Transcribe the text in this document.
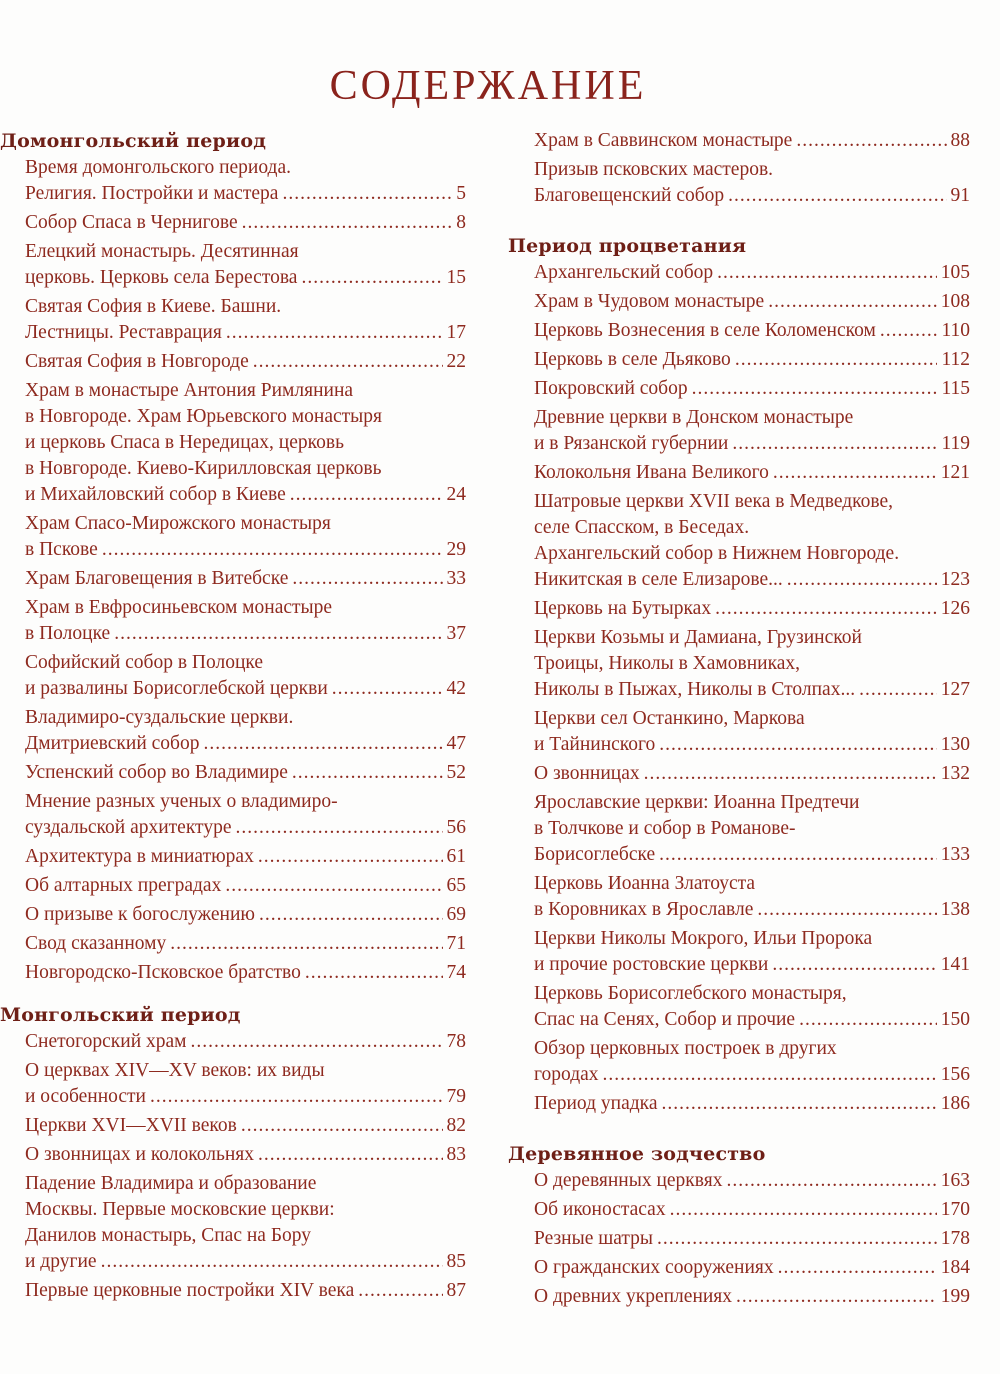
СОДЕРЖАНИЕ
Домонгольский период
Время домонгольского периода.
Религия. Постройки и мастера .....	5
Собор Спаса в Чернигове .....	8
Елецкий монастырь. Десятинная
церковь. Церковь села Берестова .....	15
Святая София в Киеве. Башни.
Лестницы. Реставрация .....	17
Святая София в Новгороде .....	22
Храм в монастыре Антония Римлянина
в Новгороде. Храм Юрьевского монастыря
и церковь Спаса в Нередицах, церковь
в Новгороде. Киево-Кирилловская церковь
и Михайловский собор в Киеве .....	24
Храм Спасо-Мирожского монастыря
в Пскове .....	29
Храм Благовещения в Витебске .....	33
Храм в Евфросиньевском монастыре
в Полоцке .....	37
Софийский собор в Полоцке
и развалины Борисоглебской церкви .....	42
Владимиро-суздальские церкви.
Дмитриевский собор .....	47
Успенский собор во Владимире .....	52
Мнение разных ученых о владимиро-
суздальской архитектуре .....	56
Архитектура в миниатюрах .....	61
Об алтарных преградах .....	65
О призыве к богослужению .....	69
Свод сказанному .....	71
Новгородско-Псковское братство .....	74
Монгольский период
Снетогорский храм .....	78
О церквах XIV—XV веков: их виды
и особенности .....	79
Церкви XVI—XVII веков .....	82
О звонницах и колокольнях .....	83
Падение Владимира и образование
Москвы. Первые московские церкви:
Данилов монастырь, Спас на Бору
и другие .....	85
Первые церковные постройки XIV века .....	87
Храм в Саввинском монастыре .....	88
Призыв псковских мастеров.
Благовещенский собор .....	91
Период процветания
Архангельский собор .....	105
Храм в Чудовом монастыре .....	108
Церковь Вознесения в селе Коломенском .....	110
Церковь в селе Дьяково .....	112
Покровский собор .....	115
Древние церкви в Донском монастыре
и в Рязанской губернии .....	119
Колокольня Ивана Великого .....	121
Шатровые церкви XVII века в Медведкове,
селе Спасском, в Беседах.
Архангельский собор в Нижнем Новгороде.
Никитская в селе Елизарове... .....	123
Церковь на Бутырках .....	126
Церкви Козьмы и Дамиана, Грузинской
Троицы, Николы в Хамовниках,
Николы в Пыжах, Николы в Столпах... .....	127
Церкви сел Останкино, Маркова
и Тайнинского .....	130
О звонницах .....	132
Ярославские церкви: Иоанна Предтечи
в Толчкове и собор в Романове-
Борисоглебске .....	133
Церковь Иоанна Златоуста
в Коровниках в Ярославле .....	138
Церкви Николы Мокрого, Ильи Пророка
и прочие ростовские церкви .....	141
Церковь Борисоглебского монастыря,
Спас на Сенях, Собор и прочие .....	150
Обзор церковных построек в других
городах .....	156
Период упадка .....	186
Деревянное зодчество
О деревянных церквях .....	163
Об иконостасах .....	170
Резные шатры .....	178
О гражданских сооружениях .....	184
О древних укреплениях .....	199
